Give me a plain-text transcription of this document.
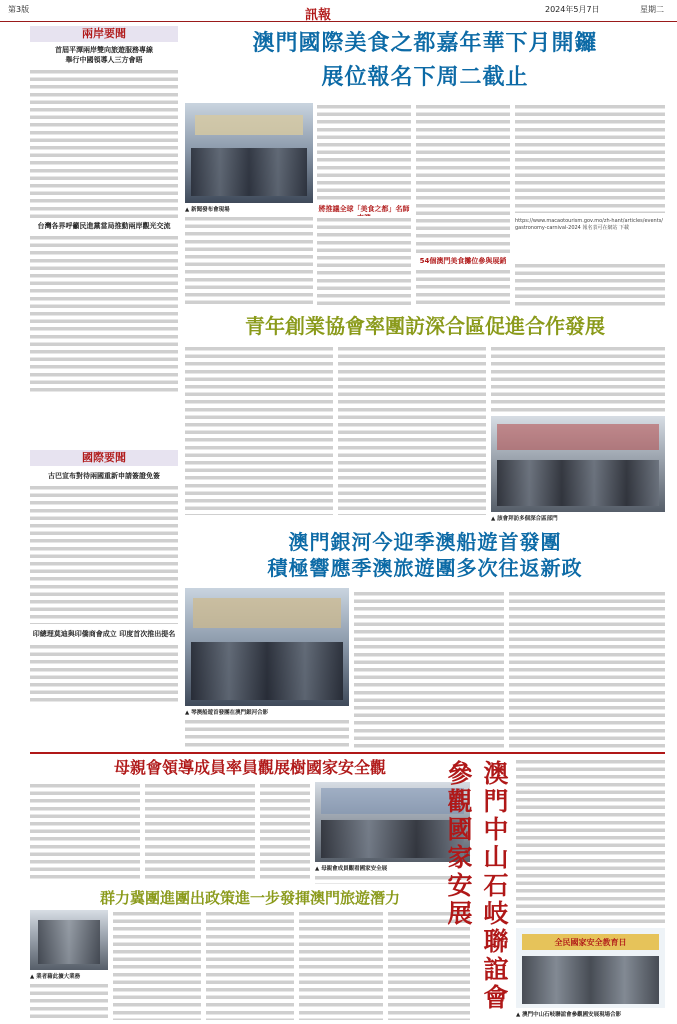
第3版	訊報	2024年5月7日	星期二
兩岸要聞
首屆平潭兩岸雙向旅遊服務專線
舉行中國領導人三方會晤
台灣各界呼籲民進黨當局推動兩岸觀光交流
國際要聞
古巴宣布對待兩國重新申請簽證免簽
印總理莫迪與印僑商會成立 印度首次推出提名
澳門國際美食之都嘉年華下月開鑼
展位報名下周二截止
▲ 新聞發布會現場	將推議全球「美食之都」名師
54個澳門美食攤位參與展銷
https://www.macaotourism.gov.mo/zh-hant/articles/events/gastronomy-carnival-2024 報名表可在網站 下載
青年創業協會率團訪深合區促進合作發展
▲ 該會拜訪多個深合區部門
澳門銀河今迎季澳船遊首發團
積極響應季澳旅遊團多次往返新政
▲ 琴澳船遊首發團在澳門銀河合影
母親會領導成員率員觀展樹國家安全觀
▲ 母親會成員觀看國家安全展
群力冀團進團出政策進一步發揮澳門旅遊潛力
▲ 業者藉此擴大業務	澳門中山石岐聯誼會參觀國家安展
全民國家安全教育日
▲ 澳門中山石岐聯誼會參觀國安展現場合影
